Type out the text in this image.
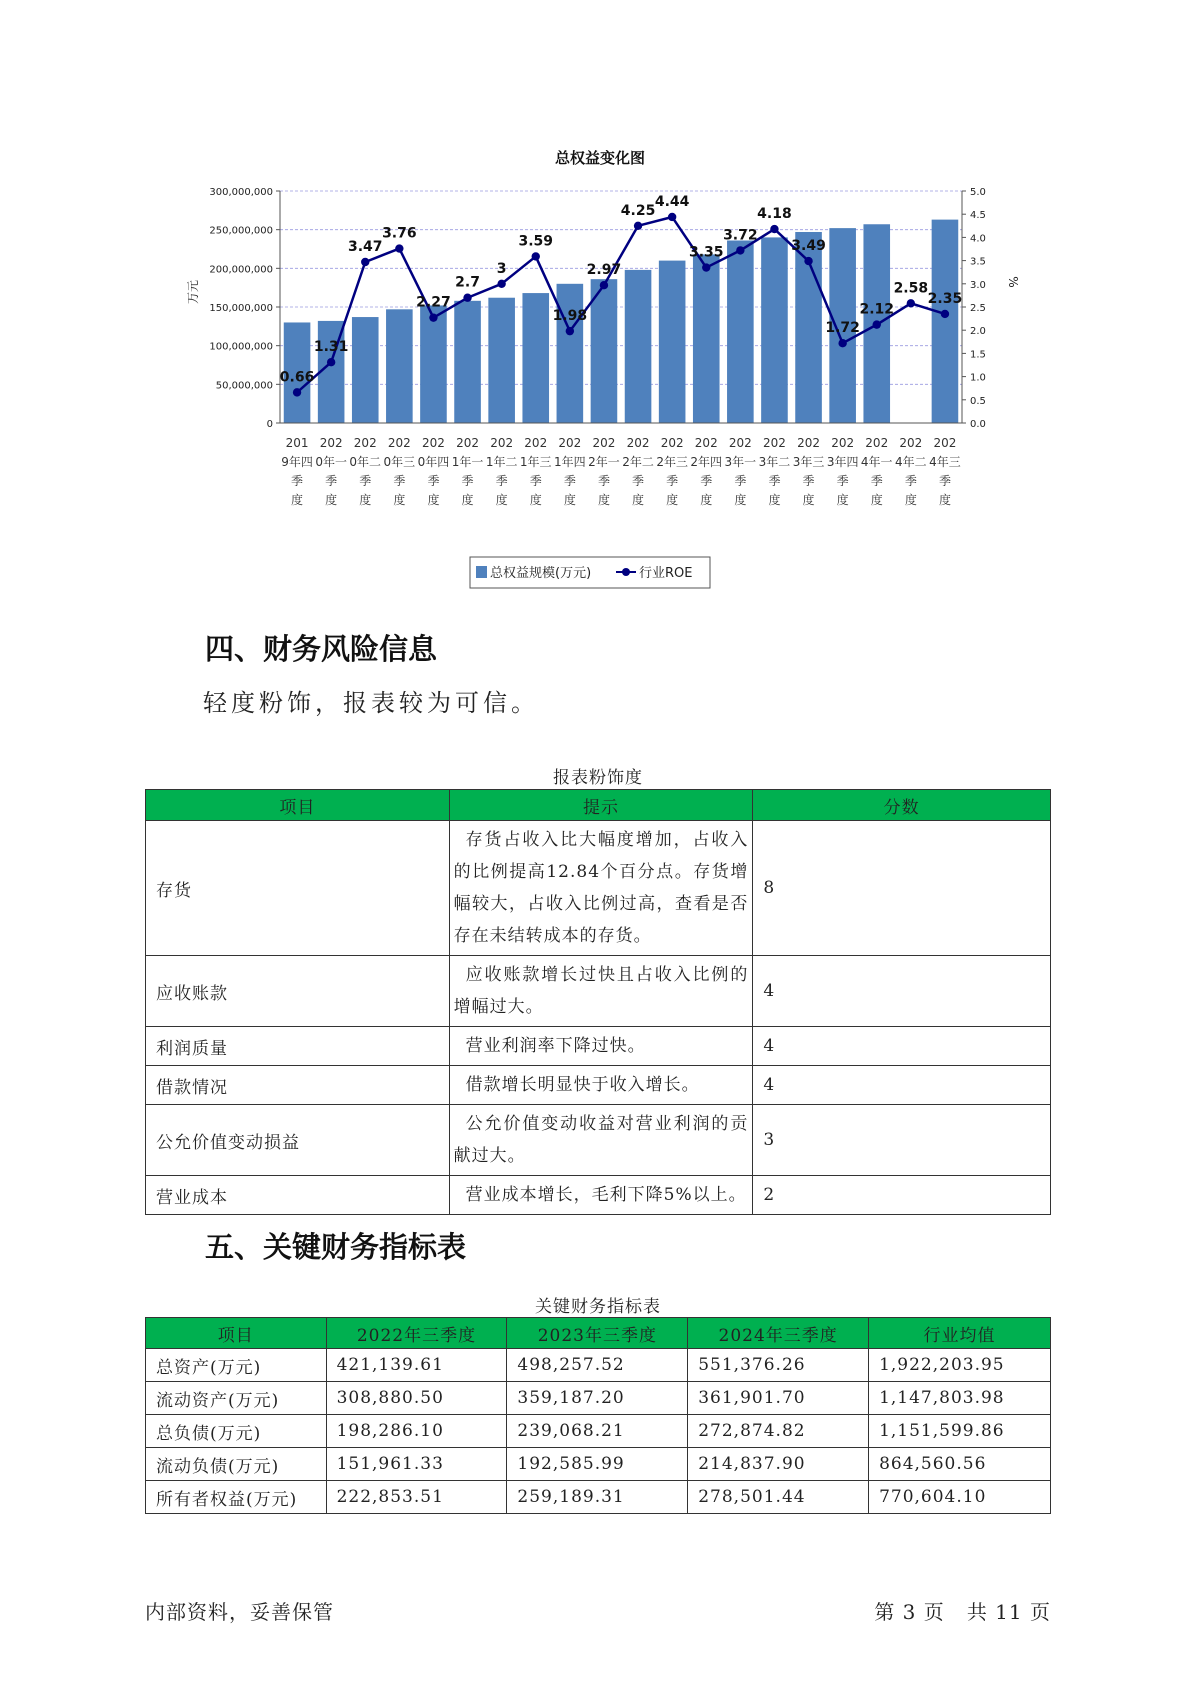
总权益变化图
300,000,000
250,000,000
200,000,000
150,000,000
100,000,000
50,000,000
0
5.0
4.5
4.0
3.5
3.0
2.5
2.0
1.5
1.0
0.5
0.0
0.66
1.31
3.47
3.76
2.27
2.7
3
3.59
1.98
2.97
4.25
4.44
3.35
3.72
4.18
3.49
1.72
2.12
2.58
2.35
201 9年四季度
202 0年一季度
202 0年二季度
202 0年三季度
202 0年四季度
202 1年一季度
202 1年二季度
202 1年三季度
202 1年四季度
202 2年一季度
202 2年二季度
202 2年三季度
202 2年四季度
202 3年一季度
202 3年二季度
202 3年三季度
202 3年四季度
202 4年一季度
202 4年二季度
202 4年三季度
万元	%
总权益规模(万元)	行业ROE
四、财务风险信息

轻度粉饰，报表较为可信。

报表粉饰度
项目	提示	分数
存货	存货占收入比大幅度增加，占收入的比例提高12.84个百分点。存货增幅较大，占收入比例过高，查看是否存在未结转成本的存货。	8
应收账款	应收账款增长过快且占收入比例的增幅过大。	4
利润质量	营业利润率下降过快。	4
借款情况	借款增长明显快于收入增长。	4
公允价值变动损益	公允价值变动收益对营业利润的贡献过大。	3
营业成本	营业成本增长，毛利下降5%以上。	2
五、关键财务指标表
关键财务指标表
项目	2022年三季度	2023年三季度	2024年三季度	行业均值
总资产(万元)	421,139.61	498,257.52	551,376.26	1,922,203.95
流动资产(万元)	308,880.50	359,187.20	361,901.70	1,147,803.98
总负债(万元)	198,286.10	239,068.21	272,874.82	1,151,599.86
流动负债(万元)	151,961.33	192,585.99	214,837.90	864,560.56
所有者权益(万元)	222,853.51	259,189.31	278,501.44	770,604.10
内部资料，妥善保管	第 3 页   共 11 页
